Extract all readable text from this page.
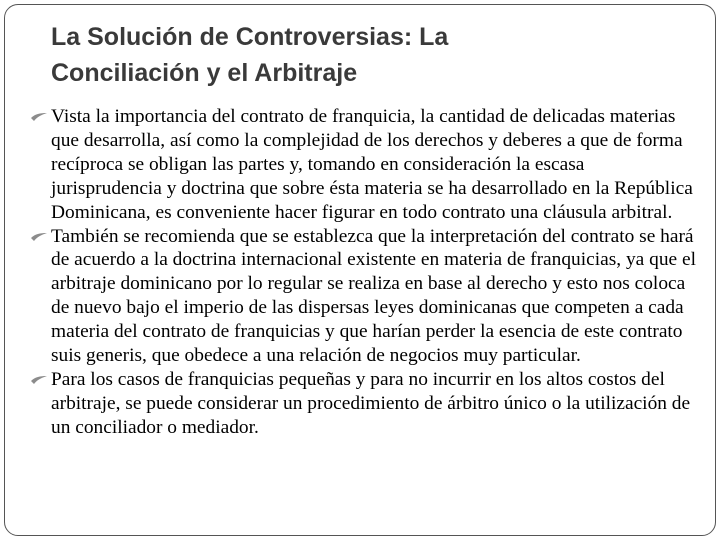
La Solución de Controversias: La
Conciliación y el Arbitraje
Vista la importancia del contrato de franquicia, la cantidad de delicadas materias que desarrolla, así como la complejidad de los derechos y deberes a que de forma recíproca se obligan las partes y, tomando en consideración la escasa jurisprudencia y doctrina que sobre ésta materia se ha desarrollado en la República Dominicana, es conveniente hacer figurar en todo contrato una cláusula arbitral.
También se recomienda que se establezca que la interpretación del contrato se hará de acuerdo a la doctrina internacional existente en materia de franquicias, ya que el arbitraje dominicano por lo regular se realiza en base al derecho y esto nos coloca de nuevo bajo el imperio de las dispersas leyes dominicanas que competen a cada materia del contrato de franquicias y que harían perder la esencia de este contrato suis generis, que obedece a una relación de negocios muy particular.
Para los casos de franquicias pequeñas y para no incurrir en los altos costos del arbitraje, se puede considerar un procedimiento de árbitro único o la utilización de un conciliador o mediador.
